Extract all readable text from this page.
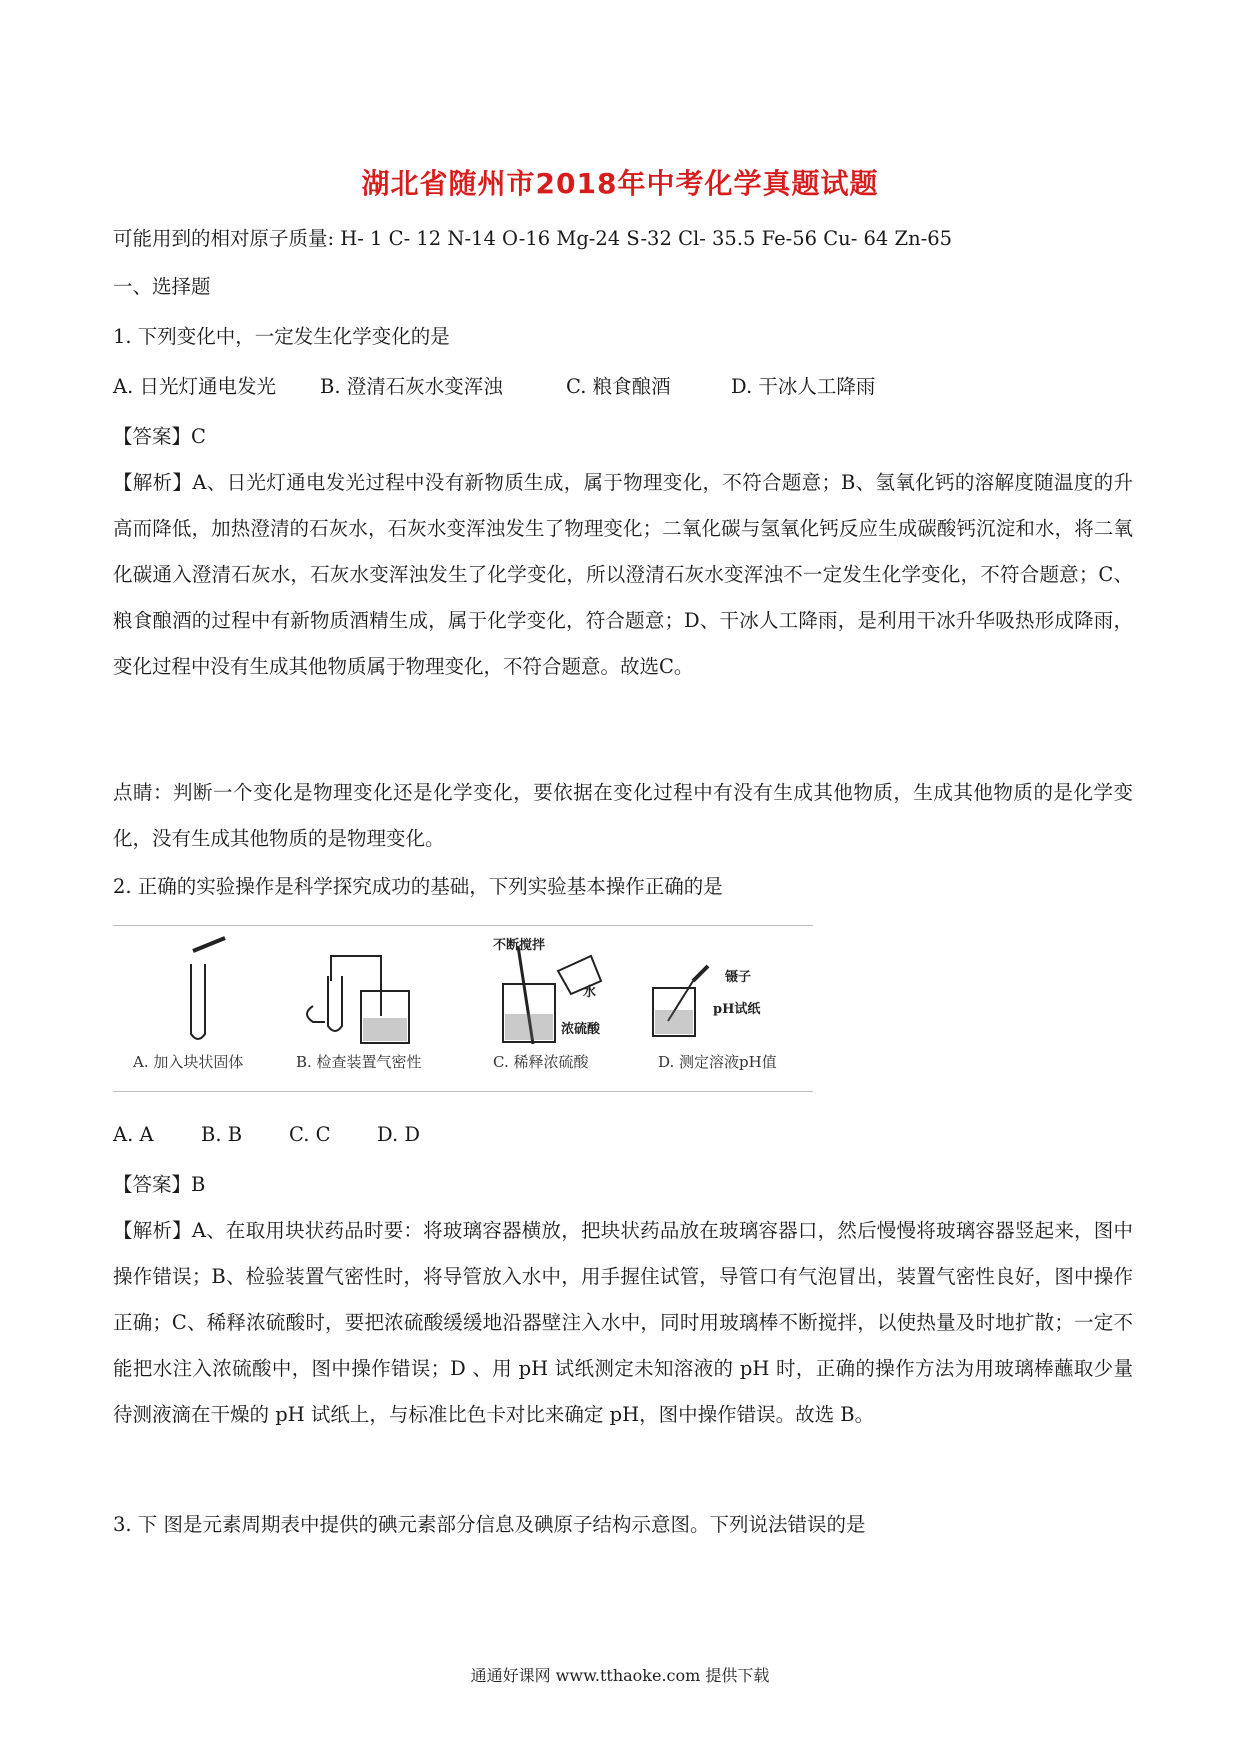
湖北省随州市2018年中考化学真题试题
可能用到的相对原子质量: H- 1 C- 12 N-14 O-16 Mg-24 S-32 Cl- 35.5 Fe-56 Cu- 64 Zn-65
一、选择题
1. 下列变化中，一定发生化学变化的是
A. 日光灯通电发光 B. 澄清石灰水变浑浊	C. 粮食酿酒	D. 干冰人工降雨
【答案】C
【解析】A、日光灯通电发光过程中没有新物质生成，属于物理变化，不符合题意；B、氢氧化钙的溶解度随温度的升高而降低，加热澄清的石灰水，石灰水变浑浊发生了物理变化；二氧化碳与氢氧化钙反应生成碳酸钙沉淀和水，将二氧化碳通入澄清石灰水，石灰水变浑浊发生了化学变化，所以澄清石灰水变浑浊不一定发生化学变化，不符合题意；C、粮食酿酒的过程中有新物质酒精生成，属于化学变化，符合题意；D、干冰人工降雨，是利用干冰升华吸热形成降雨，变化过程中没有生成其他物质属于物理变化，不符合题意。故选C。
点睛：判断一个变化是物理变化还是化学变化，要依据在变化过程中有没有生成其他物质，生成其他物质的是化学变化，没有生成其他物质的是物理变化。
2. 正确的实验操作是科学探究成功的基础，下列实验基本操作正确的是
不断搅拌
水
浓硫酸
镊子
pH试纸
A. 加入块状固体	B. 检查装置气密性	C. 稀释浓硫酸	D. 测定溶液pH值
A. A B. B C. C D. D
【答案】B
【解析】A、在取用块状药品时要：将玻璃容器横放，把块状药品放在玻璃容器口，然后慢慢将玻璃容器竖起来，图中操作错误；B、检验装置气密性时，将导管放入水中，用手握住试管，导管口有气泡冒出，装置气密性良好，图中操作正确；C、稀释浓硫酸时，要把浓硫酸缓缓地沿器壁注入水中，同时用玻璃棒不断搅拌，以使热量及时地扩散；一定不能把水注入浓硫酸中，图中操作错误；D 、用 pH 试纸测定未知溶液的 pH 时，正确的操作方法为用玻璃棒蘸取少量待测液滴在干燥的 pH 试纸上，与标准比色卡对比来确定 pH，图中操作错误。故选 B。
3. 下 图是元素周期表中提供的碘元素部分信息及碘原子结构示意图。下列说法错误的是
通通好课网 www.tthaoke.com 提供下载
